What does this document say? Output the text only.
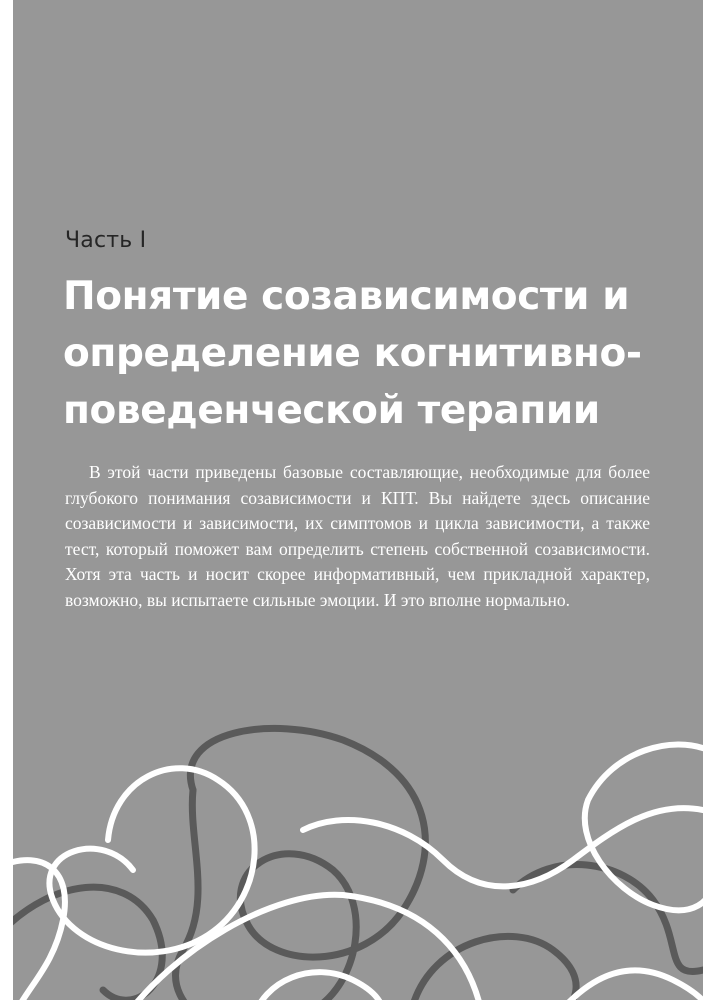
Часть I
Понятие созависимости и
определение когнитивно-
поведенческой терапии

В этой части приведены базовые составляющие, необходимые для более глубокого понимания созависимости и КПТ. Вы найдете здесь описание созависимости и зависимости, их симптомов и цикла зависимости, а также тест, который поможет вам определить степень собственной созависимости. Хотя эта часть и носит скорее информативный, чем прикладной характер, возможно, вы испытаете сильные эмоции. И это вполне нормально.
